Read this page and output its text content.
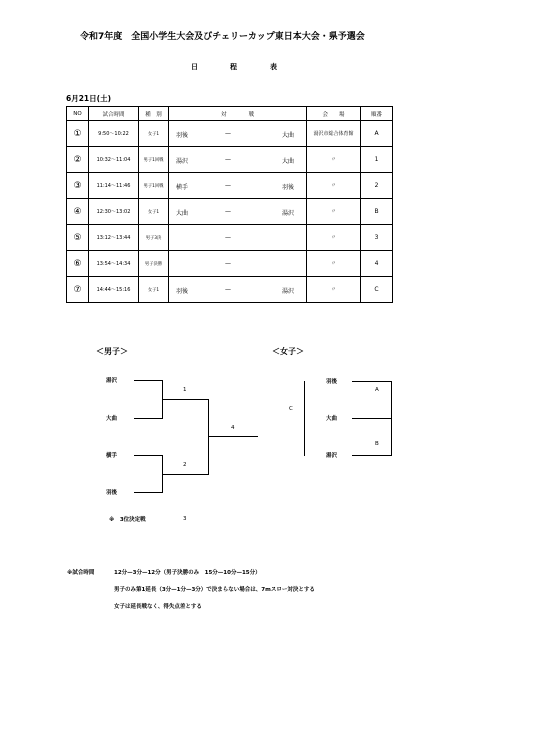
令和7年度　全国小学生大会及びチェリーカップ東日本大会・県予選会
日	程	表
6月21日(土)
NO	試合時間	種　別	対　　　　戦	会　　場	順番
①	9:50〜10:22	女子1	羽後 — 大曲	湯沢市総合体育館	A
②	10:32〜11:04	男子1回戦	湯沢 — 大曲	〃	1
③	11:14〜11:46	男子1回戦	横手 — 羽後	〃	2
④	12:30〜13:02	女子1	大曲 — 湯沢	〃	B
⑤	13:12〜13:44	男子3決	—	〃	3
⑥	13:54〜14:34	男子決勝	—	〃	4
⑦	14:44〜15:16	女子1	羽後 — 湯沢	〃	C
＜男子＞	＜女子＞
湯沢
大曲
横手
羽後
1
2
4
※　3位決定戦	3
羽後
大曲
湯沢
A
B
C
※試合時間	12分—3分—12分（男子決勝のみ　15分—10分—15分）
男子のみ第1延長（3分—1分—3分）で決まらない場合は、7mスロー対決とする
女子は延長戦なく、得失点差とする
